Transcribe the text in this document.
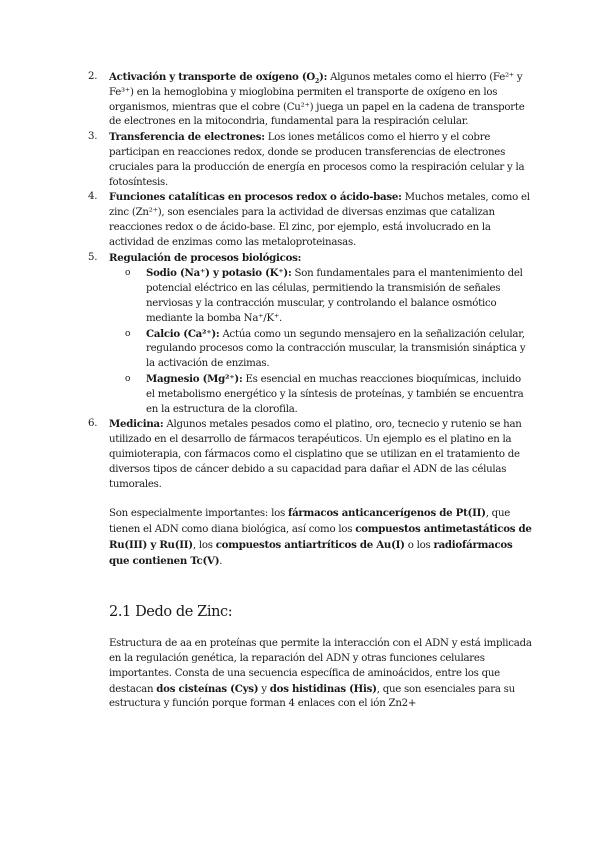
2. Activación y transporte de oxígeno $(O_2)$: Algunos metales como el hierro (Fe²⁺ y Fe³⁺) en la hemoglobina y mioglobina permiten el transporte de oxígeno en los organismos, mientras que el cobre (Cu²⁺) juega un papel en la cadena de transporte de electrones en la mitocondria, fundamental para la respiración celular.
3. Transferencia de electrones: Los iones metálicos como el hierro y el cobre participan en reacciones redox, donde se producen transferencias de electrones cruciales para la producción de energía en procesos como la respiración celular y la fotosíntesis.
4. Funciones catalíticas en procesos redox o ácido-base: Muchos metales, como el zinc (Zn²⁺), son esenciales para la actividad de diversas enzimas que catalizan reacciones redox o de ácido-base. El zinc, por ejemplo, está involucrado en la actividad de enzimas como las metaloproteinasas.
5. Regulación de procesos biológicos:
o Sodio (Na⁺) y potasio (K⁺): Son fundamentales para el mantenimiento del potencial eléctrico en las células, permitiendo la transmisión de señales nerviosas y la contracción muscular, y controlando el balance osmótico mediante la bomba Na⁺/K⁺.
o Calcio (Ca²⁺): Actúa como un segundo mensajero en la señalización celular, regulando procesos como la contracción muscular, la transmisión sináptica y la activación de enzimas.
o Magnesio (Mg²⁺): Es esencial en muchas reacciones bioquímicas, incluido el metabolismo energético y la síntesis de proteínas, y también se encuentra en la estructura de la clorofila.
6. Medicina: Algunos metales pesados como el platino, oro, tecnecio y rutenio se han utilizado en el desarrollo de fármacos terapéuticos. Un ejemplo es el platino en la quimioterapia, con fármacos como el cisplatino que se utilizan en el tratamiento de diversos tipos de cáncer debido a su capacidad para dañar el ADN de las células tumorales.

Son especialmente importantes: los fármacos anticancerígenos de Pt(II), que tienen el ADN como diana biológica, así como los compuestos antimetastáticos de Ru(III) y Ru(II), los compuestos antiartríticos de Au(I) o los radiofármacos que contienen Tc(V).

2.1 Dedo de Zinc:

Estructura de aa en proteínas que permite la interacción con el ADN y está implicada en la regulación genética, la reparación del ADN y otras funciones celulares importantes. Consta de una secuencia específica de aminoácidos, entre los que destacan dos cisteínas (Cys) y dos histidinas (His), que son esenciales para su estructura y función porque forman 4 enlaces con el ión Zn2+
